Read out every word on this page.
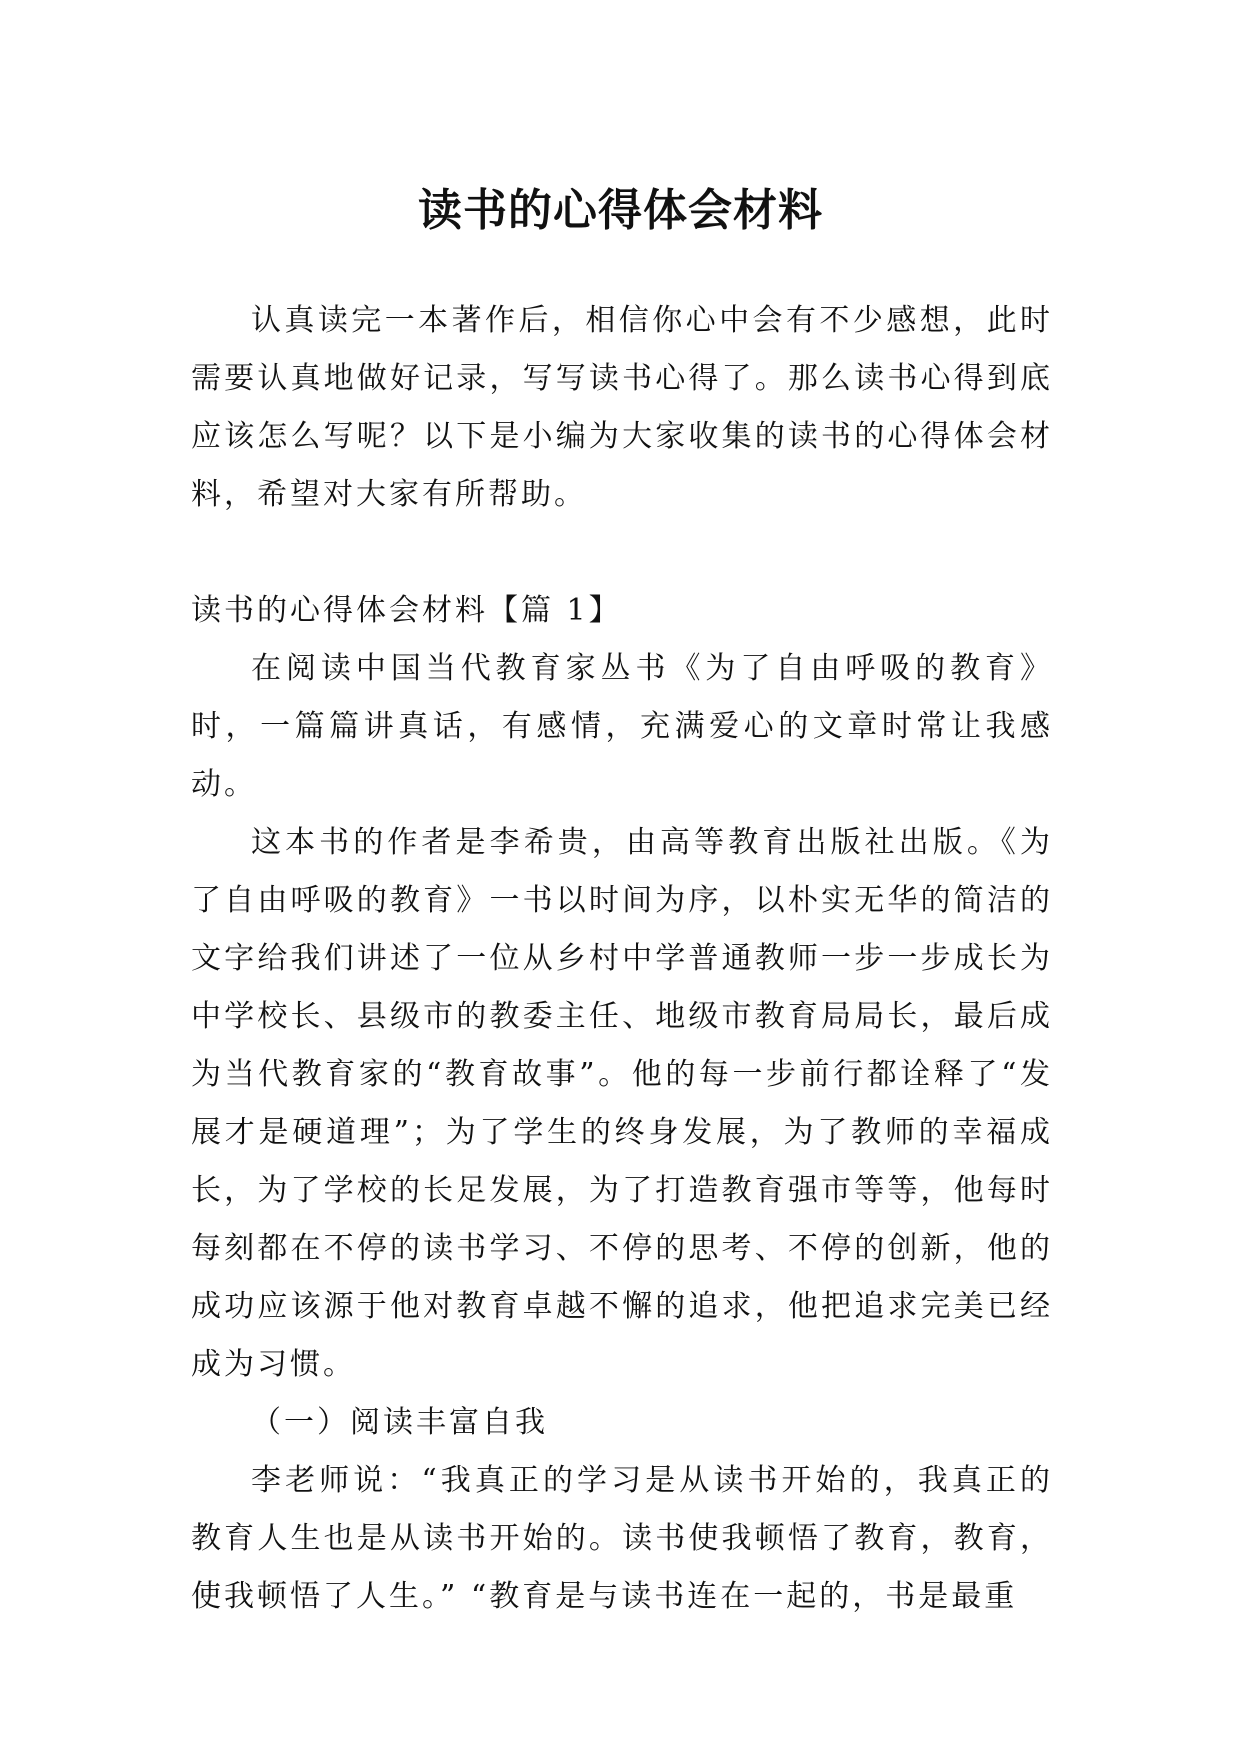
读书的心得体会材料

认真读完一本著作后，相信你心中会有不少感想，此时需要认真地做好记录，写写读书心得了。那么读书心得到底应该怎么写呢？以下是小编为大家收集的读书的心得体会材料，希望对大家有所帮助。

读书的心得体会材料【篇 1】

在阅读中国当代教育家丛书《为了自由呼吸的教育》时，一篇篇讲真话，有感情，充满爱心的文章时常让我感动。

这本书的作者是李希贵，由高等教育出版社出版。《为了自由呼吸的教育》一书以时间为序，以朴实无华的简洁的文字给我们讲述了一位从乡村中学普通教师一步一步成长为中学校长、县级市的教委主任、地级市教育局局长，最后成为当代教育家的“教育故事”。他的每一步前行都诠释了“发展才是硬道理”；为了学生的终身发展，为了教师的幸福成长，为了学校的长足发展，为了打造教育强市等等，他每时每刻都在不停的读书学习、不停的思考、不停的创新，他的成功应该源于他对教育卓越不懈的追求，他把追求完美已经成为习惯。

（一）阅读丰富自我

李老师说：“我真正的学习是从读书开始的，我真正的教育人生也是从读书开始的。读书使我顿悟了教育，教育，使我顿悟了人生。” “教育是与读书连在一起的，书是最重
